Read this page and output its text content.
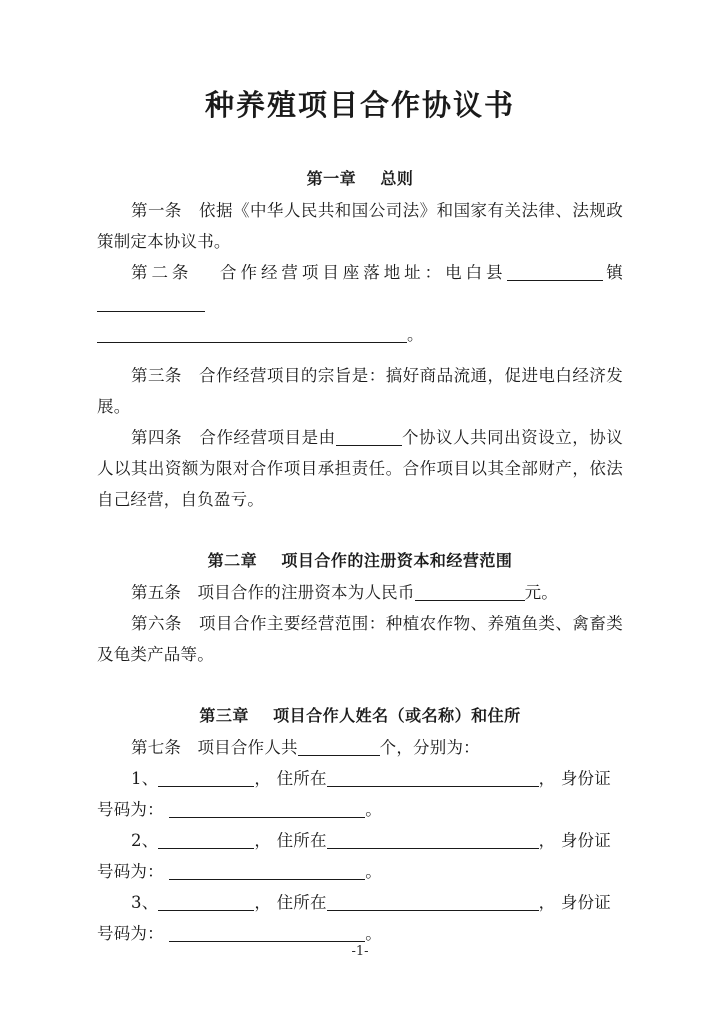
种养殖项目合作协议书
第一章    总则
第一条 依据《中华人民共和国公司法》和国家有关法律、法规政策制定本协议书。
第二条 合作经营项目座落地址：电白县	镇
。
第三条 合作经营项目的宗旨是：搞好商品流通，促进电白经济发展。
第四条 合作经营项目是由	个协议人共同出资设立，协议人以其出资额为限对合作项目承担责任。合作项目以其全部财产，依法自己经营，自负盈亏。
第二章    项目合作的注册资本和经营范围
第五条 项目合作的注册资本为人民币	元。
第六条 项目合作主要经营范围：种植农作物、养殖鱼类、禽畜类及龟类产品等。
第三章    项目合作人姓名（或名称）和住所
第七条 项目合作人共	个，分别为：
1、	， 住所在	， 身份证
号码为：	。
2、	， 住所在	， 身份证
号码为：	。
3、	， 住所在	， 身份证
号码为：	。
-1-
